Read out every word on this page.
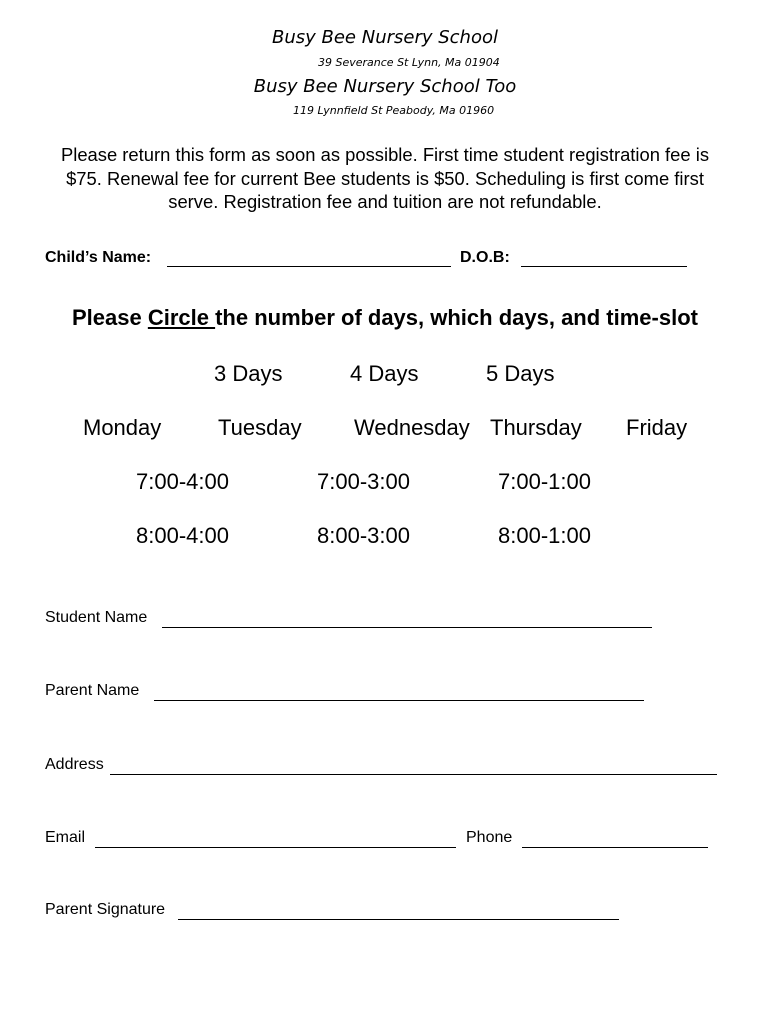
Busy Bee Nursery School
39 Severance St Lynn, Ma 01904
Busy Bee Nursery School Too
119 Lynnfield St Peabody, Ma 01960
Please return this form as soon as possible. First time student registration fee is $75. Renewal fee for current Bee students is $50. Scheduling is first come first serve. Registration fee and tuition are not refundable.
Child’s Name:	D.O.B:
Please Circle the number of days, which days, and time-slot
3 Days	4 Days	5 Days
Monday	Tuesday Wednesday Thursday Friday
7:00-4:00	7:00-3:00	7:00-1:00
8:00-4:00	8:00-3:00	8:00-1:00
Student Name
Parent Name
Address
Email	Phone
Parent Signature
